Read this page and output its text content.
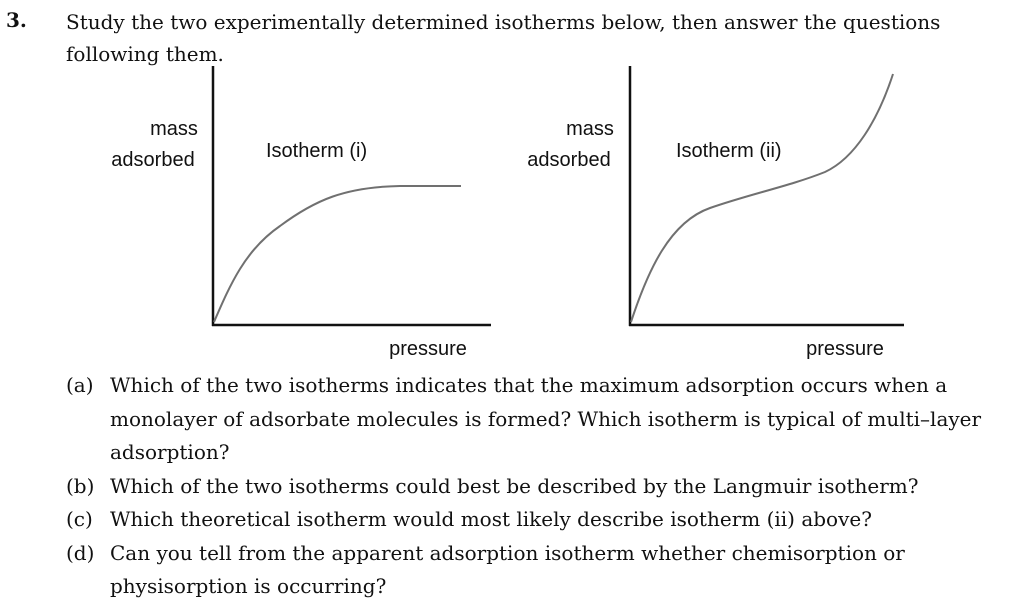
3. Study the two experimentally determined isotherms below, then answer the questions following them.

mass
adsorbed	Isotherm (i)
pressure
mass
adsorbed	Isotherm (ii)
pressure
(a) Which of the two isotherms indicates that the maximum adsorption occurs when a monolayer of adsorbate molecules is formed? Which isotherm is typical of multi–layer adsorption?
(b) Which of the two isotherms could best be described by the Langmuir isotherm?
(c) Which theoretical isotherm would most likely describe isotherm (ii) above?
(d) Can you tell from the apparent adsorption isotherm whether chemisorption or physisorption is occurring?
